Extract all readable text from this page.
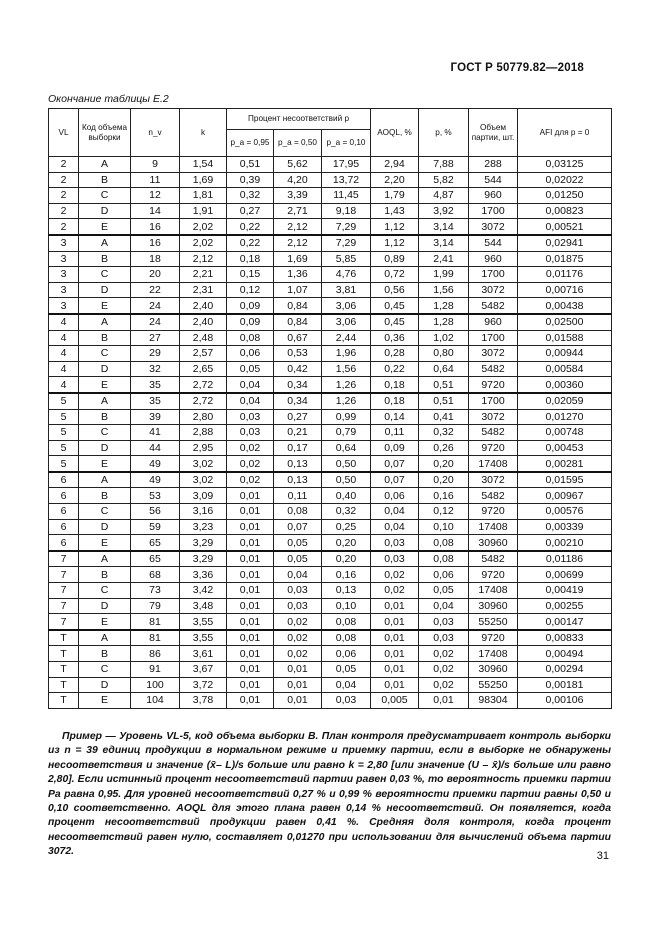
ГОСТ Р 50779.82—2018
Окончание таблицы Е.2
VL	Код объема выборки	n_v	k	Процент несоответствий p			AOQL, %	p, %	Объем партии, шт.	AFI для p = 0
				p_a = 0,95	p_a = 0,50	p_a = 0,10				
2	A	9	1,54	0,51	5,62	17,95	2,94	7,88	288	0,03125
2	B	11	1,69	0,39	4,20	13,72	2,20	5,82	544	0,02022
2	C	12	1,81	0,32	3,39	11,45	1,79	4,87	960	0,01250
2	D	14	1,91	0,27	2,71	9,18	1,43	3,92	1700	0,00823
2	E	16	2,02	0,22	2,12	7,29	1,12	3,14	3072	0,00521
3	A	16	2,02	0,22	2,12	7,29	1,12	3,14	544	0,02941
3	B	18	2,12	0,18	1,69	5,85	0,89	2,41	960	0,01875
3	C	20	2,21	0,15	1,36	4,76	0,72	1,99	1700	0,01176
3	D	22	2,31	0,12	1,07	3,81	0,56	1,56	3072	0,00716
3	E	24	2,40	0,09	0,84	3,06	0,45	1,28	5482	0,00438
4	A	24	2,40	0,09	0,84	3,06	0,45	1,28	960	0,02500
4	B	27	2,48	0,08	0,67	2,44	0,36	1,02	1700	0,01588
4	C	29	2,57	0,06	0,53	1,96	0,28	0,80	3072	0,00944
4	D	32	2,65	0,05	0,42	1,56	0,22	0,64	5482	0,00584
4	E	35	2,72	0,04	0,34	1,26	0,18	0,51	9720	0,00360
5	A	35	2,72	0,04	0,34	1,26	0,18	0,51	1700	0,02059
5	B	39	2,80	0,03	0,27	0,99	0,14	0,41	3072	0,01270
5	C	41	2,88	0,03	0,21	0,79	0,11	0,32	5482	0,00748
5	D	44	2,95	0,02	0,17	0,64	0,09	0,26	9720	0,00453
5	E	49	3,02	0,02	0,13	0,50	0,07	0,20	17408	0,00281
6	A	49	3,02	0,02	0,13	0,50	0,07	0,20	3072	0,01595
6	B	53	3,09	0,01	0,11	0,40	0,06	0,16	5482	0,00967
6	C	56	3,16	0,01	0,08	0,32	0,04	0,12	9720	0,00576
6	D	59	3,23	0,01	0,07	0,25	0,04	0,10	17408	0,00339
6	E	65	3,29	0,01	0,05	0,20	0,03	0,08	30960	0,00210
7	A	65	3,29	0,01	0,05	0,20	0,03	0,08	5482	0,01186
7	B	68	3,36	0,01	0,04	0,16	0,02	0,06	9720	0,00699
7	C	73	3,42	0,01	0,03	0,13	0,02	0,05	17408	0,00419
7	D	79	3,48	0,01	0,03	0,10	0,01	0,04	30960	0,00255
7	E	81	3,55	0,01	0,02	0,08	0,01	0,03	55250	0,00147
T	A	81	3,55	0,01	0,02	0,08	0,01	0,03	9720	0,00833
T	B	86	3,61	0,01	0,02	0,06	0,01	0,02	17408	0,00494
T	C	91	3,67	0,01	0,01	0,05	0,01	0,02	30960	0,00294
T	D	100	3,72	0,01	0,01	0,04	0,01	0,02	55250	0,00181
T	E	104	3,78	0,01	0,01	0,03	0,005	0,01	98304	0,00106
Пример — Уровень VL-5, код объема выборки B. План контроля предусматривает контроль выборки из n = 39 единиц продукции в нормальном режиме и приемку партии, если в выборке не обнаружены несоответствия и значение (x̄– L)/s больше или равно k = 2,80 [или значение (U – x̄)/s больше или равно 2,80]. Если истинный процент несоответствий партии равен 0,03 %, то вероятность приемки партии Pa равна 0,95. Для уровней несоответствий 0,27 % и 0,99 % вероятности приемки партии равны 0,50 и 0,10 соответственно. AOQL для этого плана равен 0,14 % несоответствий. Он появляется, когда процент несоответствий продукции равен 0,41 %. Средняя доля контроля, когда процент несоответствий равен нулю, составляет 0,01270 при использовании для вычислений объема партии 3072.	31
